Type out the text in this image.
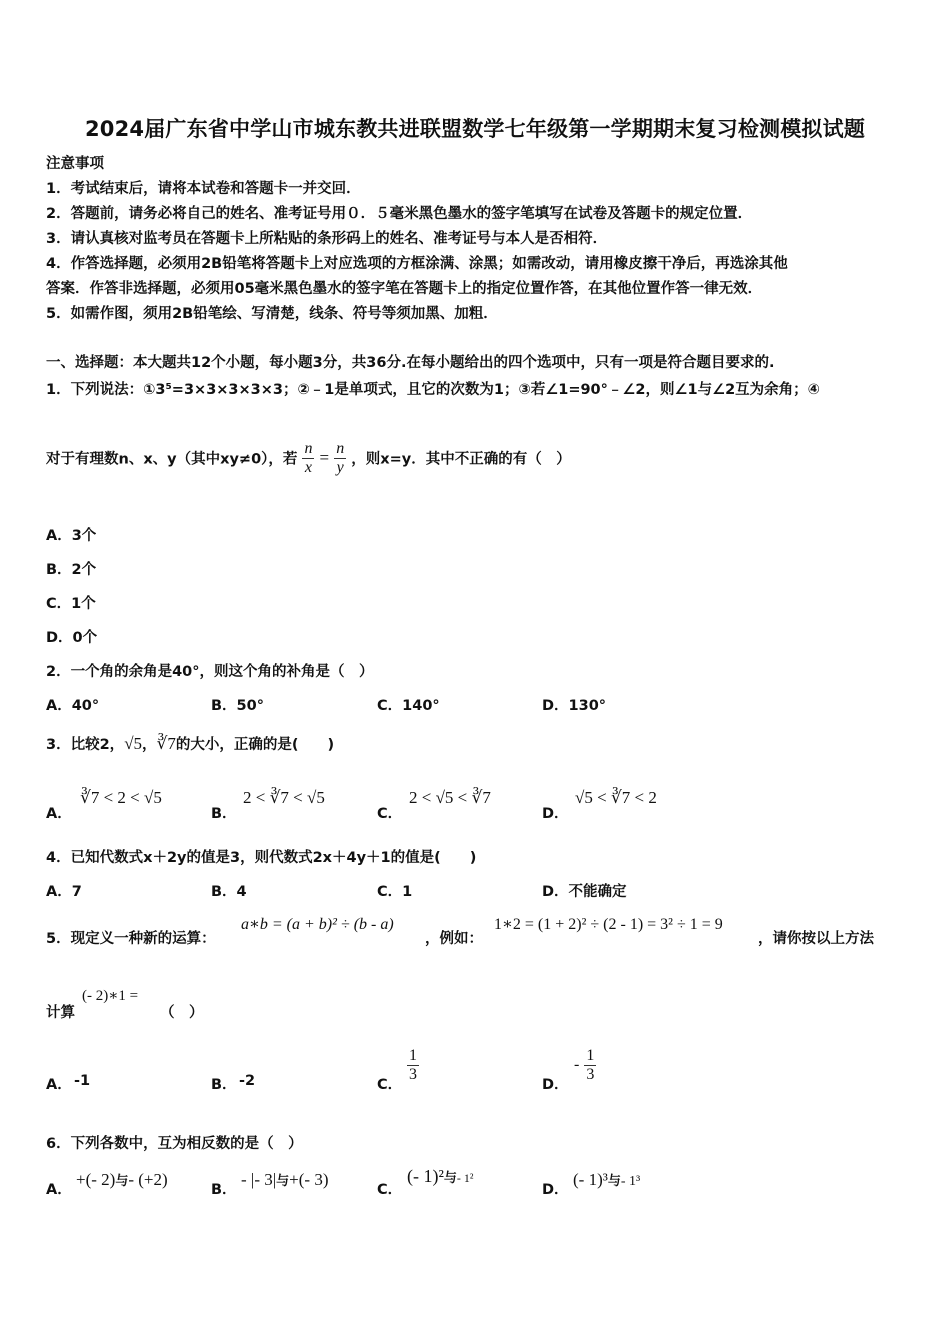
2024届广东省中学山市城东教共进联盟数学七年级第一学期期末复习检测模拟试题
注意事项
1．考试结束后，请将本试卷和答题卡一并交回．
2．答题前，请务必将自己的姓名、准考证号用０．５毫米黑色墨水的签字笔填写在试卷及答题卡的规定位置．
3．请认真核对监考员在答题卡上所粘贴的条形码上的姓名、准考证号与本人是否相符．
4．作答选择题，必须用2B铅笔将答题卡上对应选项的方框涂满、涂黑；如需改动，请用橡皮擦干净后，再选涂其他
答案．作答非选择题，必须用05毫米黑色墨水的签字笔在答题卡上的指定位置作答，在其他位置作答一律无效．
5．如需作图，须用2B铅笔绘、写清楚，线条、符号等须加黑、加粗．
一、选择题：本大题共12个小题，每小题3分，共36分.在每小题给出的四个选项中，只有一项是符合题目要求的.
1．下列说法：①3⁵=3×3×3×3×3；②﹣1是单项式，且它的次数为1；③若∠1=90°﹣∠2，则∠1与∠2互为余角；④
对于有理数n、x、y（其中xy≠0），若 $\frac{n}{x} = \frac{n}{y}$ ，则x=y．其中不正确的有（　）
A．3个
B．2个
C．1个
D．0个
2．一个角的余角是40°，则这个角的补角是（　）
A．40°	B．50°	C．140°	D．130°
3．比较2，√5，∛7的大小，正确的是(　　)
A．
∛7 < 2 < √5
B．
2 < ∛7 < √5
C．
2 < √5 < ∛7
D．
√5 < ∛7 < 2
4．已知代数式x＋2y的值是3，则代数式2x＋4y＋1的值是(　　)
A．7	B．4	C．1	D．不能确定
5．现定义一种新的运算：
a∗b = (a + b)² ÷ (b - a)
，例如：
1∗2 = (1 + 2)² ÷ (2 - 1) = 3² ÷ 1 = 9
，请你按以上方法
计算
(- 2)∗1 =
（　）
A． -1	B． -2	C．
$\frac{1}{3}$
D．
- $\frac{1}{3}$
6．下列各数中，互为相反数的是（　）
A．
+(- 2)与- (+2)
B．
- |- 3|与+(- 3)
C．
(- 1)²与- 1²
D．
(- 1)³与- 1³
